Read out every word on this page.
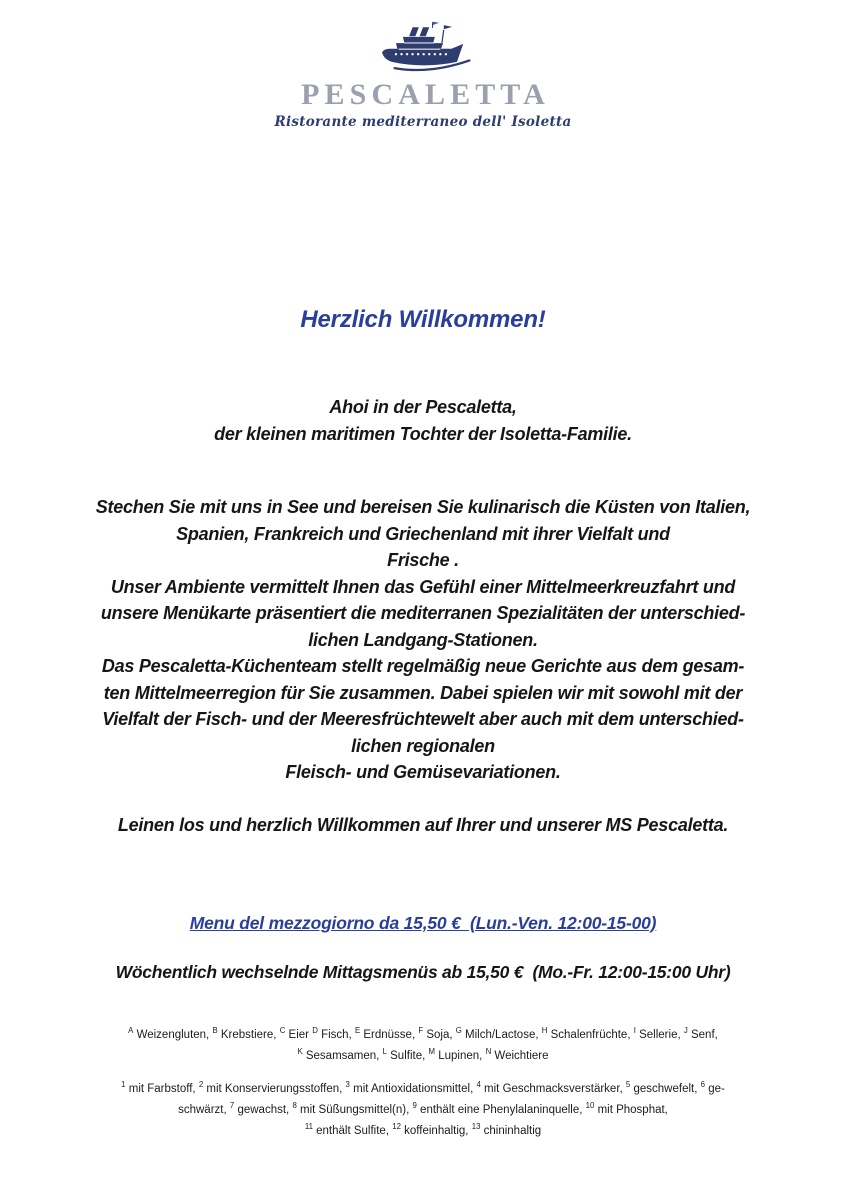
PESCALETTA
Ristorante mediterraneo dell' Isoletta
Herzlich Willkommen!
Ahoi in der Pescaletta,
der kleinen maritimen Tochter der Isoletta-Familie.
Stechen Sie mit uns in See und bereisen Sie kulinarisch die Küsten von Italien,
Spanien, Frankreich und Griechenland mit ihrer Vielfalt und
Frische .
Unser Ambiente vermittelt Ihnen das Gefühl einer Mittelmeerkreuzfahrt und
unsere Menükarte präsentiert die mediterranen Spezialitäten der unterschied-
lichen Landgang-Stationen.
Das Pescaletta-Küchenteam stellt regelmäßig neue Gerichte aus dem gesam-
ten Mittelmeerregion für Sie zusammen. Dabei spielen wir mit sowohl mit der
Vielfalt der Fisch- und der Meeresfrüchtewelt aber auch mit dem unterschied-
lichen regionalen
Fleisch- und Gemüsevariationen.
Leinen los und herzlich Willkommen auf Ihrer und unserer MS Pescaletta.
Menu del mezzogiorno da 15,50 €  (Lun.-Ven. 12:00-15-00)
Wöchentlich wechselnde Mittagsmenüs ab 15,50 €  (Mo.-Fr. 12:00-15:00 Uhr)
$^A$ Weizengluten, $^B$ Krebstiere, $^C$ Eier $^D$ Fisch, $^E$ Erdnüsse, $^F$ Soja, $^G$ Milch/Lactose, $^H$ Schalenfrüchte, $^I$ Sellerie, $^J$ Senf,
$^K$ Sesamsamen, $^L$ Sulfite, $^M$ Lupinen, $^N$ Weichtiere
$^1$ mit Farbstoff, $^2$ mit Konservierungsstoffen, $^3$ mit Antioxidationsmittel, $^4$ mit Geschmacksverstärker, $^5$ geschwefelt, $^6$ ge-
schwärzt, $^7$ gewachst, $^8$ mit Süßungsmittel(n), $^9$ enthält eine Phenylalaninquelle, $^{10}$ mit Phosphat,
$^{11}$ enthält Sulfite, $^{12}$ koffeinhaltig, $^{13}$ chininhaltig
